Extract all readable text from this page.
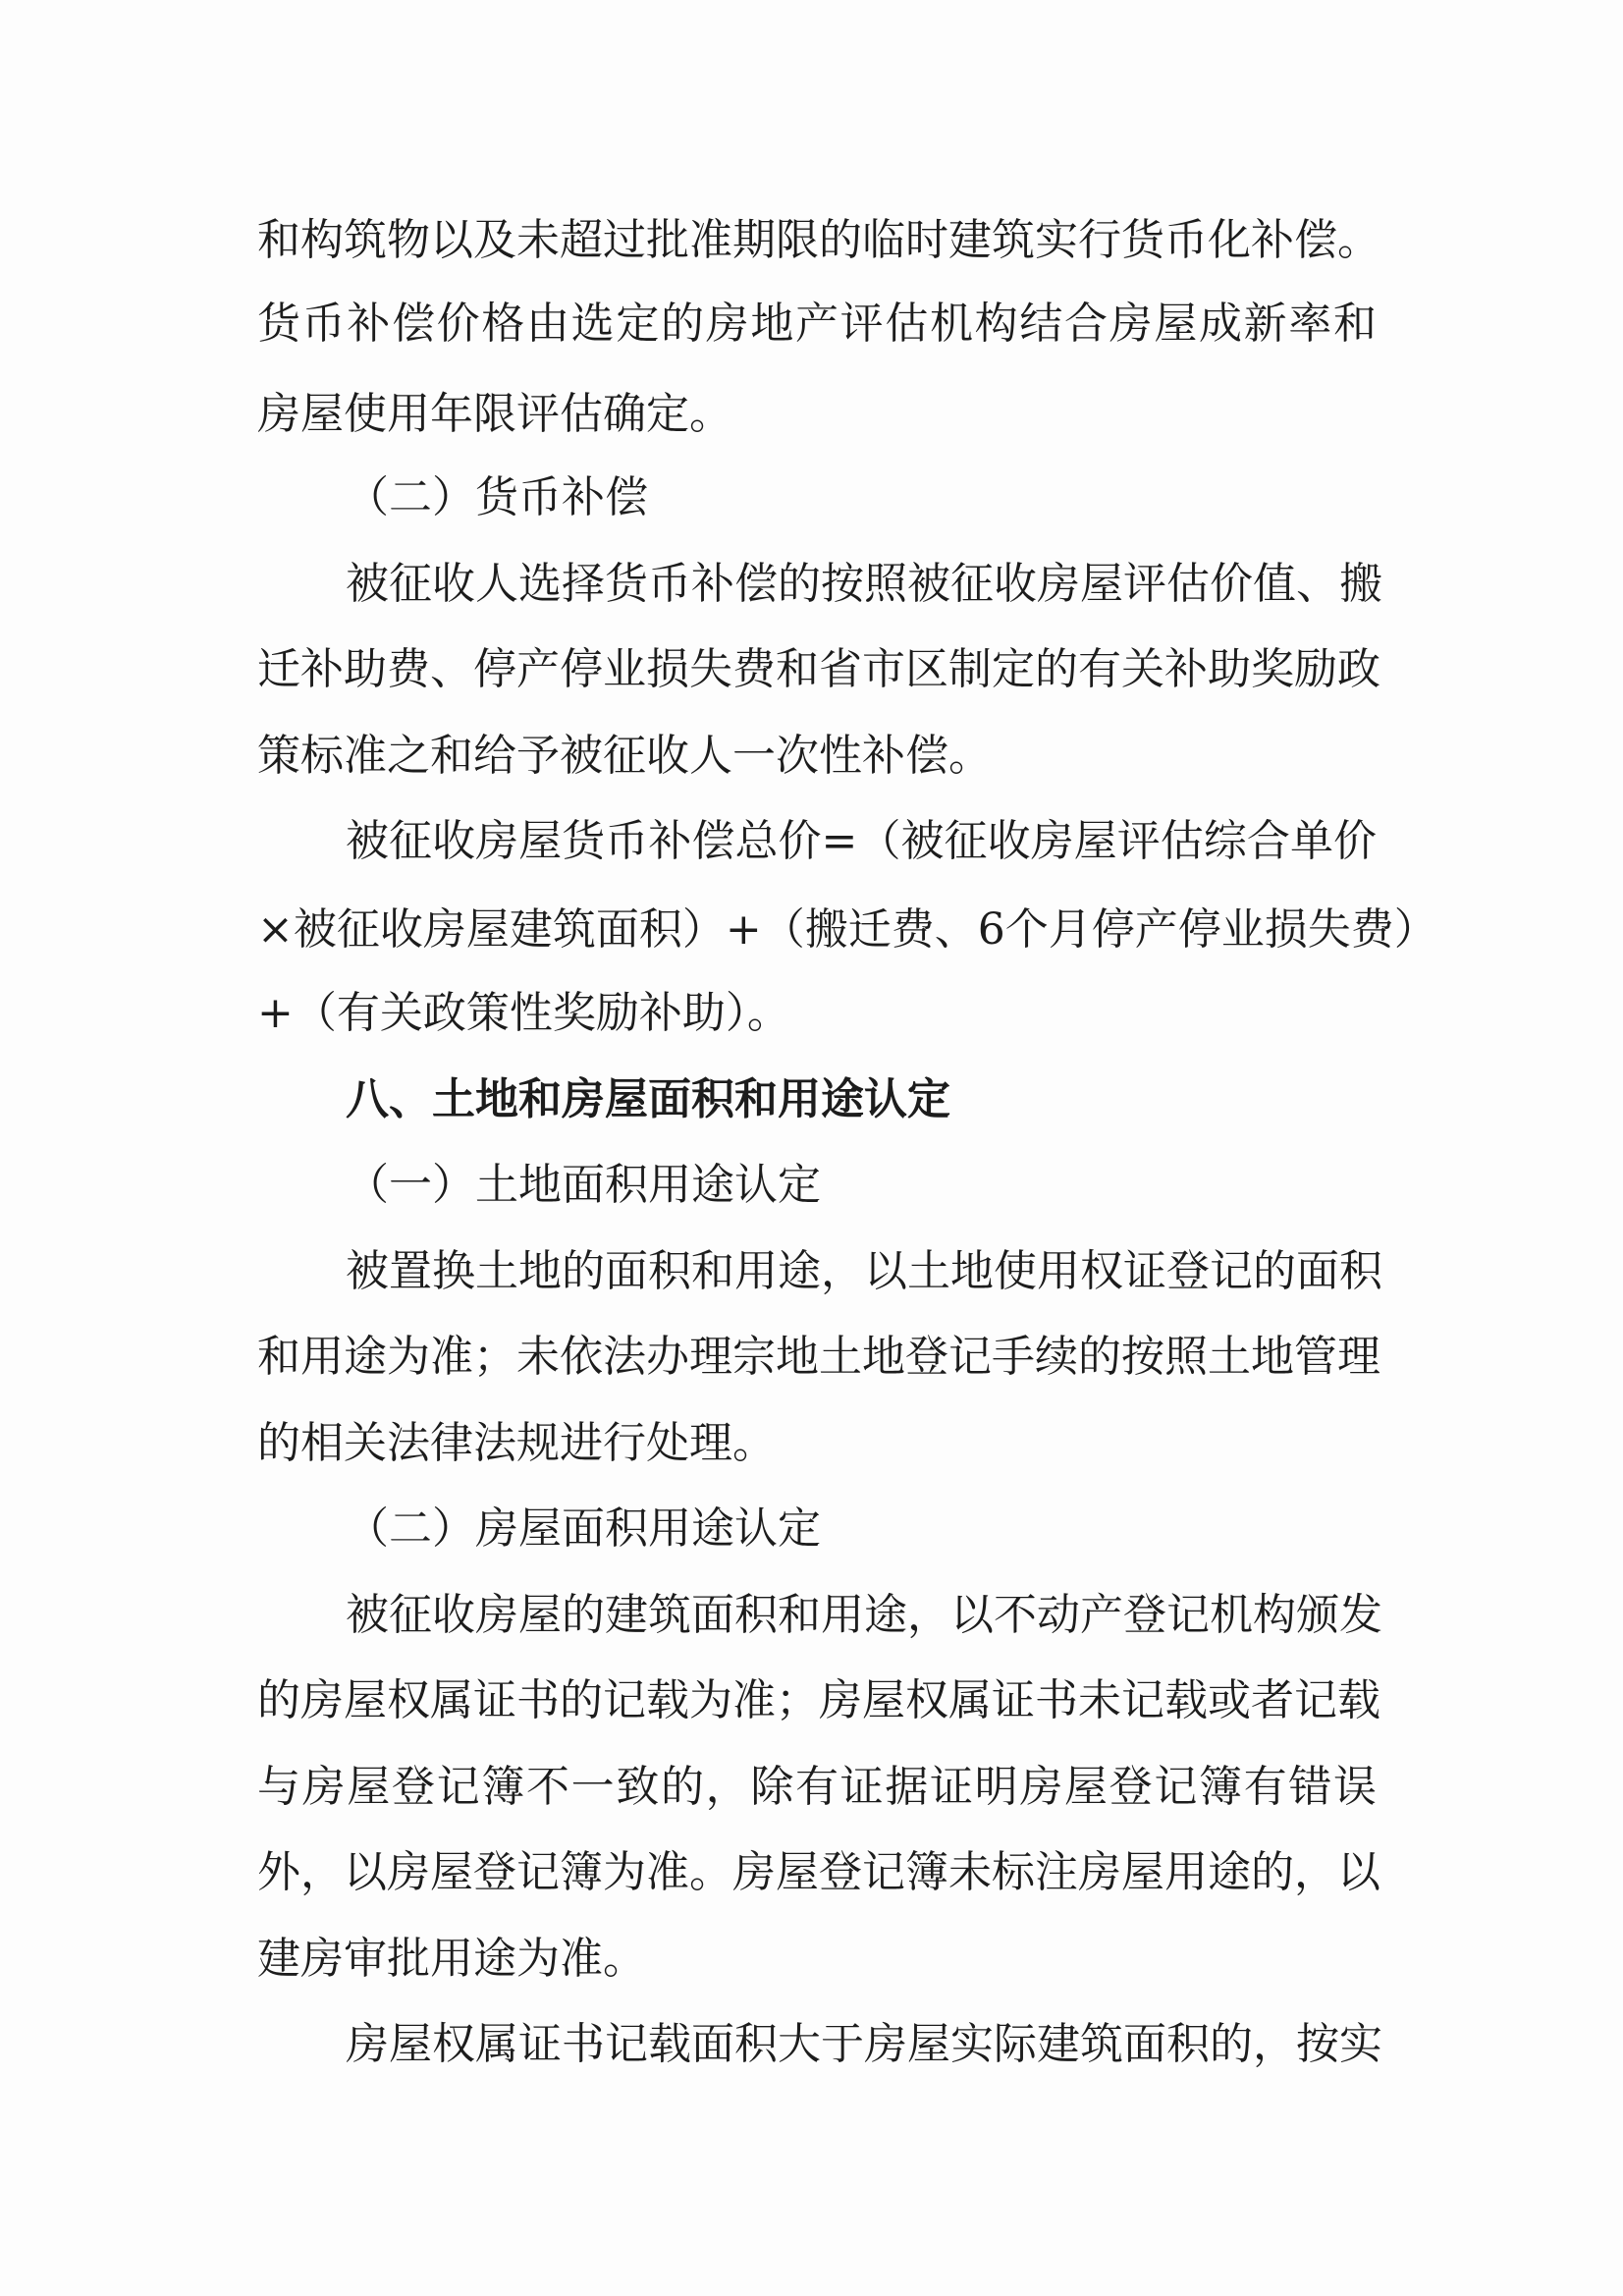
和构筑物以及未超过批准期限的临时建筑实行货币化补偿。
货币补偿价格由选定的房地产评估机构结合房屋成新率和
房屋使用年限评估确定。
（二）货币补偿
被征收人选择货币补偿的按照被征收房屋评估价值、搬
迁补助费、停产停业损失费和省市区制定的有关补助奖励政
策标准之和给予被征收人一次性补偿。
被征收房屋货币补偿总价=（被征收房屋评估综合单价
×被征收房屋建筑面积）+（搬迁费、6个月停产停业损失费）
+（有关政策性奖励补助）。
八、土地和房屋面积和用途认定
（一）土地面积用途认定
被置换土地的面积和用途，以土地使用权证登记的面积
和用途为准；未依法办理宗地土地登记手续的按照土地管理
的相关法律法规进行处理。
（二）房屋面积用途认定
被征收房屋的建筑面积和用途，以不动产登记机构颁发
的房屋权属证书的记载为准；房屋权属证书未记载或者记载
与房屋登记簿不一致的，除有证据证明房屋登记簿有错误
外，以房屋登记簿为准。房屋登记簿未标注房屋用途的，以
建房审批用途为准。
房屋权属证书记载面积大于房屋实际建筑面积的，按实
